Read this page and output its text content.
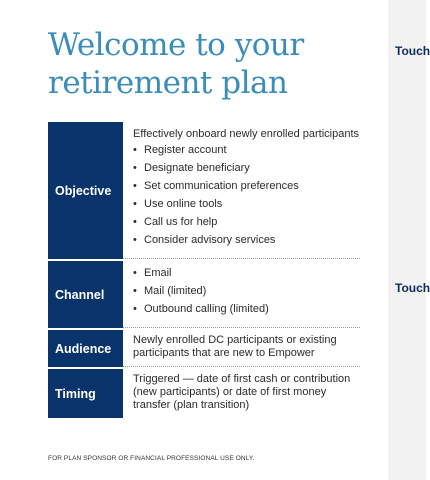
Welcome to your
retirement plan
Objective
Effectively onboard newly enrolled participants
• Register account
• Designate beneficiary
• Set communication preferences
• Use online tools
• Call us for help
• Consider advisory services
Channel
• Email
• Mail (limited)
• Outbound calling (limited)
Audience
Newly enrolled DC participants or existing participants that are new to Empower
Timing
Triggered — date of first cash or contribution (new participants) or date of first money transfer (plan transition)
FOR PLAN SPONSOR OR FINANCIAL PROFESSIONAL USE ONLY.
Touch
Touch
